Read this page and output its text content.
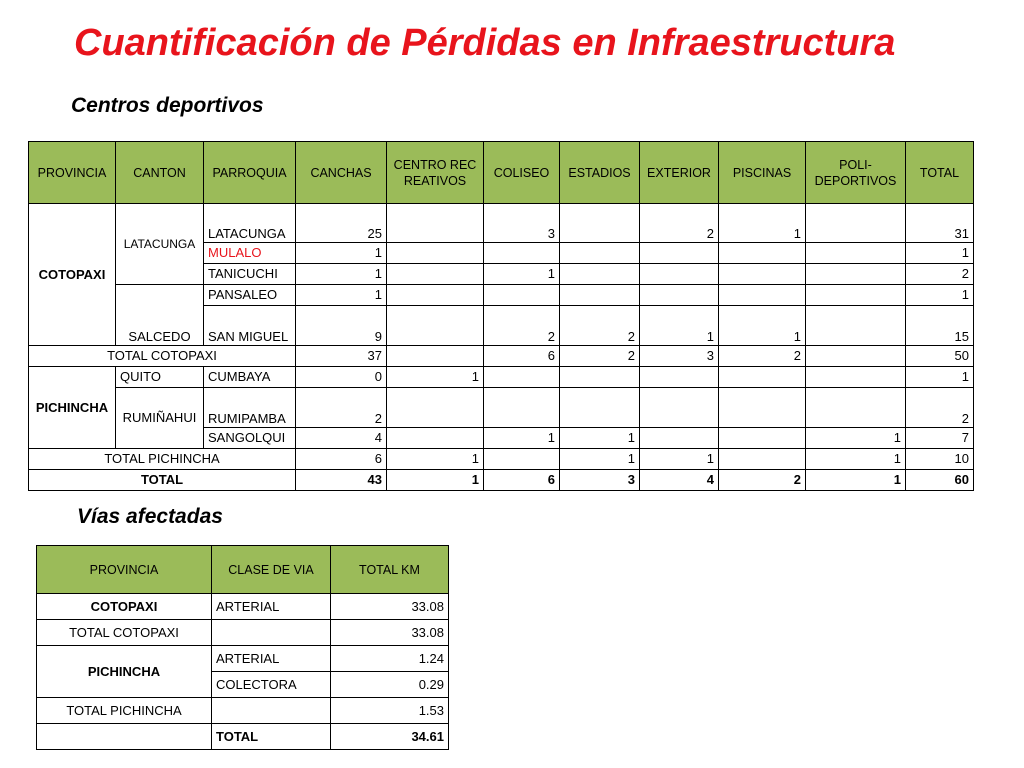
Cuantificación de Pérdidas en Infraestructura
Centros deportivos
PROVINCIA	CANTON	PARROQUIA	CANCHAS	CENTRO RECREATIVOS	COLISEO	ESTADIOS	EXTERIOR	PISCINAS	POLI-DEPORTIVOS	TOTAL
COTOPAXI	LATACUNGA	LATACUNGA	25		3		2	1		31
		MULALO	1							1
		TANICUCHI	1		1					2
	SALCEDO	PANSALEO	1							1
		SAN MIGUEL	9		2	2	1	1		15
TOTAL COTOPAXI			37		6	2	3	2		50
PICHINCHA	QUITO	CUMBAYA	0	1						1
	RUMIÑAHUI	RUMIPAMBA	2							2
		SANGOLQUI	4		1	1			1	7
TOTAL PICHINCHA			6	1		1	1		1	10
TOTAL			43	1	6	3	4	2	1	60
Vías afectadas
PROVINCIA	CLASE DE VIA	TOTAL KM
COTOPAXI	ARTERIAL	33.08
TOTAL COTOPAXI		33.08
PICHINCHA	ARTERIAL	1.24
	COLECTORA	0.29
TOTAL PICHINCHA		1.53
	TOTAL	34.61
